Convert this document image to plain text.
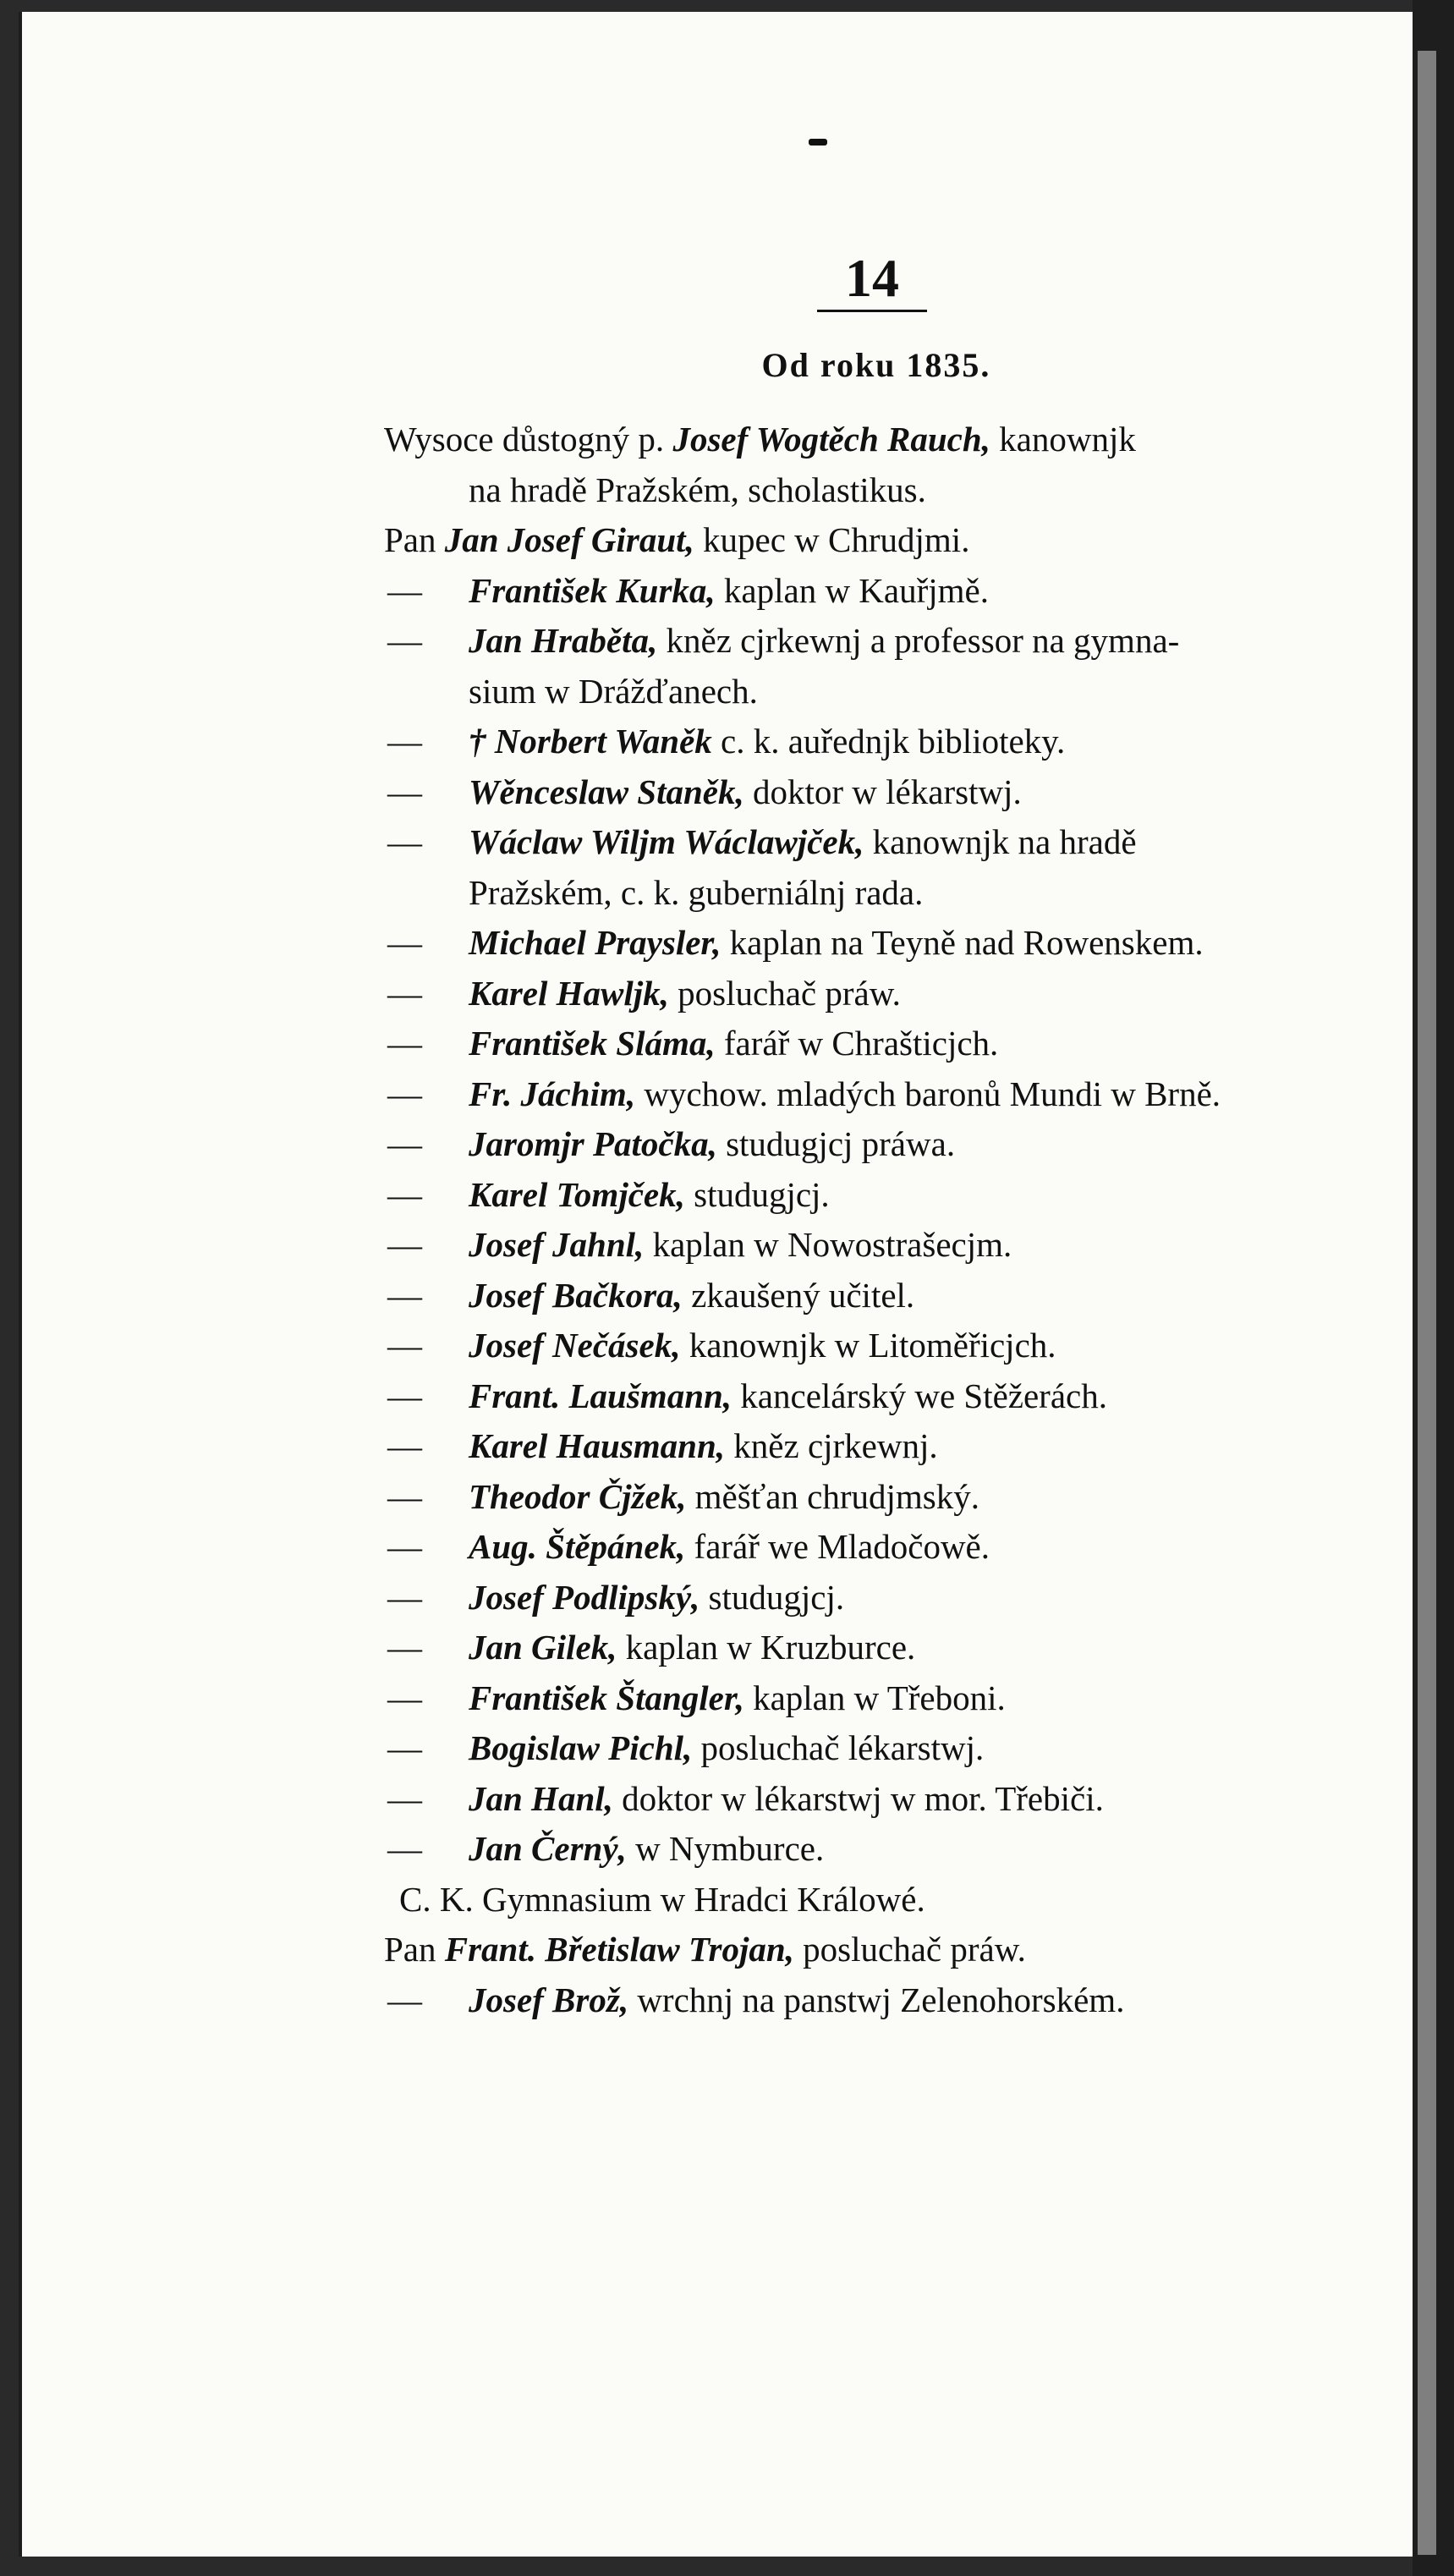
14
Od roku 1835.
Wysoce důstogný p. Josef Wogtěch Rauch, kanownjk
na hradě Pražském, scholastikus.
Pan Jan Josef Giraut, kupec w Chrudjmi.
— František Kurka, kaplan w Kauřjmě.
— Jan Hraběta, kněz cjrkewnj a professor na gymna-
sium w Drážďanech.
— † Norbert Waněk c. k. auřednjk biblioteky.
— Wěnceslaw Staněk, doktor w lékarstwj.
— Wáclaw Wiljm Wáclawjček, kanownjk na hradě
Pražském, c. k. guberniálnj rada.
— Michael Praysler, kaplan na Teyně nad Rowenskem.
— Karel Hawljk, posluchač práw.
— František Sláma, farář w Chrašticjch.
— Fr. Jáchim, wychow. mladých baronů Mundi w Brně.
— Jaromjr Patočka, studugjcj práwa.
— Karel Tomjček, studugjcj.
— Josef Jahnl, kaplan w Nowostrašecjm.
— Josef Bačkora, zkaušený učitel.
— Josef Nečásek, kanownjk w Litoměřicjch.
— Frant. Laušmann, kancelárský we Stěžerách.
— Karel Hausmann, kněz cjrkewnj.
— Theodor Čjžek, měšťan chrudjmský.
— Aug. Štěpánek, farář we Mladočowě.
— Josef Podlipský, studugjcj.
— Jan Gilek, kaplan w Kruzburce.
— František Štangler, kaplan w Třeboni.
— Bogislaw Pichl, posluchač lékarstwj.
— Jan Hanl, doktor w lékarstwj w mor. Třebiči.
— Jan Černý, w Nymburce.
C. K. Gymnasium w Hradci Králowé.
Pan Frant. Břetislaw Trojan, posluchač práw.
— Josef Brož, wrchnj na panstwj Zelenohorském.
